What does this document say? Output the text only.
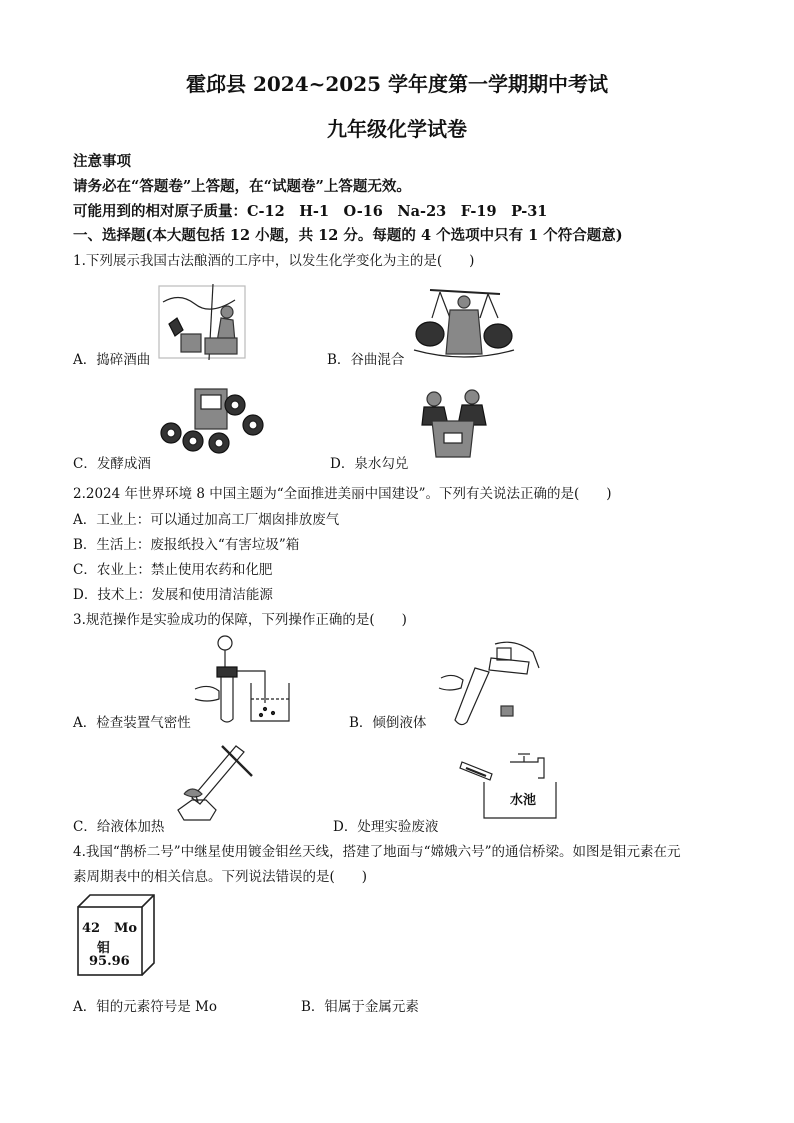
霍邱县 2024~2025 学年度第一学期期中考试
九年级化学试卷
注意事项
请务必在“答题卷”上答题，在“试题卷”上答题无效。
可能用到的相对原子质量：C-12　H-1　O-16　Na-23　F-19　P-31
一、选择题(本大题包括 12 小题，共 12 分。每题的 4 个选项中只有 1 个符合题意)
1.下列展示我国古法酿酒的工序中，以发生化学变化为主的是(　　)
A．捣碎酒曲	B．谷曲混合
C．发酵成酒	D．泉水勾兑
2.2024 年世界环境 8 中国主题为“全面推进美丽中国建设”。下列有关说法正确的是(　　)
A．工业上：可以通过加高工厂烟囱排放废气
B．生活上：废报纸投入“有害垃圾”箱
C．农业上：禁止使用农药和化肥
D．技术上：发展和使用清洁能源
3.规范操作是实验成功的保障，下列操作正确的是(　　)
A．检查装置气密性	B．倾倒液体
C．给液体加热
水池
D．处理实验废液
4.我国“鹊桥二号”中继星使用镀金钼丝天线，搭建了地面与“嫦娥六号”的通信桥梁。如图是钼元素在元
素周期表中的相关信息。下列说法错误的是(　　)
42 Mo
钼
95.96
A．钼的元素符号是 Mo	B．钼属于金属元素
